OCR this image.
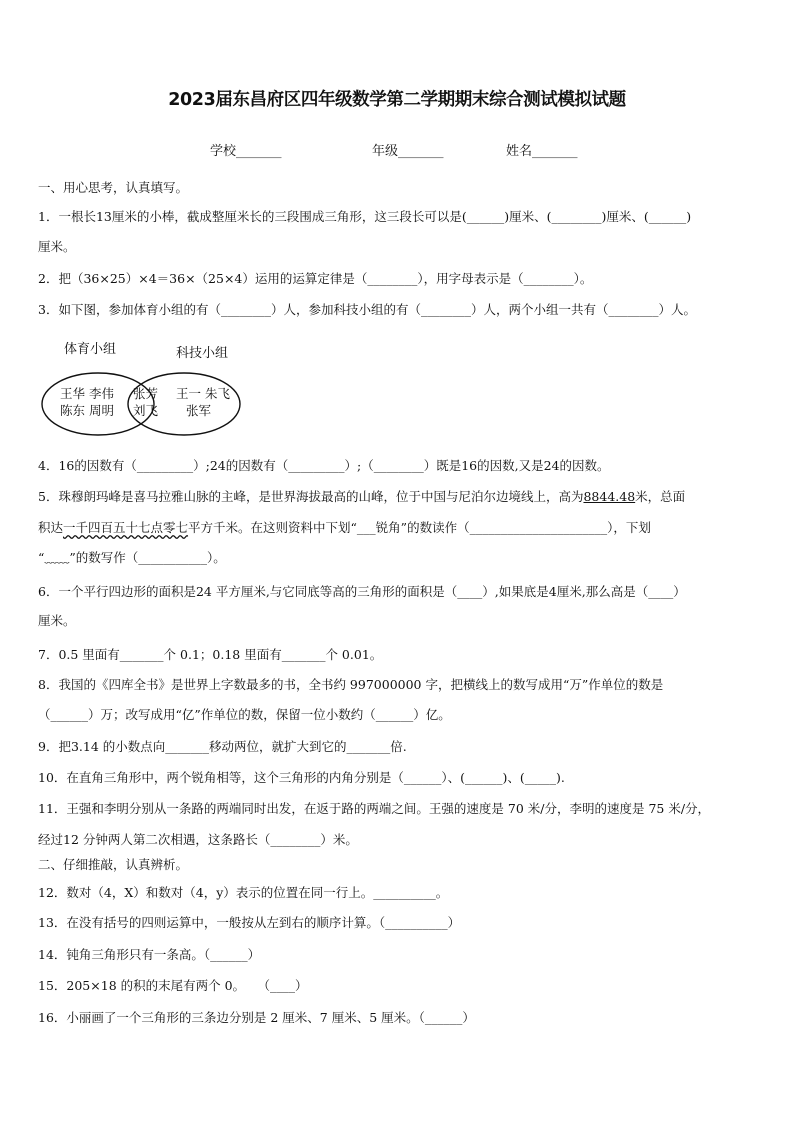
2023届东昌府区四年级数学第二学期期末综合测试模拟试题
学校_______	年级_______	姓名_______
一、用心思考，认真填写。
1．一根长13厘米的小棒，截成整厘米长的三段围成三角形，这三段长可以是(______)厘米、(________)厘米、(______)
厘米。
2．把（36×25）×4＝36×（25×4）运用的运算定律是（________），用字母表示是（________）。
3．如下图，参加体育小组的有（________）人，参加科技小组的有（________）人，两个小组一共有（________）人。
体育小组	科技小组
王华 李伟
陈东 周明
张芳
刘飞
王一 朱飞
张军
4．16的因数有（_________）;24的因数有（_________）;（________）既是16的因数,又是24的因数。
5．珠穆朗玛峰是喜马拉雅山脉的主峰，是世界海拔最高的山峰，位于中国与尼泊尔边境线上，高为8844.48米，总面
积达一千四百五十七点零七平方千米。在这则资料中下划“___锐角”的数读作（______________________），下划
“﹏﹏”的数写作（___________）。
6．一个平行四边形的面积是24 平方厘米,与它同底等高的三角形的面积是（____）,如果底是4厘米,那么高是（____）
厘米。
7．0.5 里面有_______个 0.1；0.18 里面有_______个 0.01。
8．我国的《四库全书》是世界上字数最多的书，全书约 997000000 字，把横线上的数写成用“万”作单位的数是
（______）万；改写成用“亿”作单位的数，保留一位小数约（______）亿。
9．把3.14 的小数点向_______移动两位，就扩大到它的_______倍.
10．在直角三角形中，两个锐角相等，这个三角形的内角分别是（______）、(______)、(_____).
11．王强和李明分别从一条路的两端同时出发，在返于路的两端之间。王强的速度是 70 米/分，李明的速度是 75 米/分，
经过12 分钟两人第二次相遇，这条路长（________）米。
二、仔细推敲，认真辨析。
12．数对（4，X）和数对（4，y）表示的位置在同一行上。__________。
13．在没有括号的四则运算中，一般按从左到右的顺序计算。（__________）
14．钝角三角形只有一条高。（______）
15．205×18 的积的末尾有两个 0。　　（____）
16．小丽画了一个三角形的三条边分别是 2 厘米、7 厘米、5 厘米。（______）
